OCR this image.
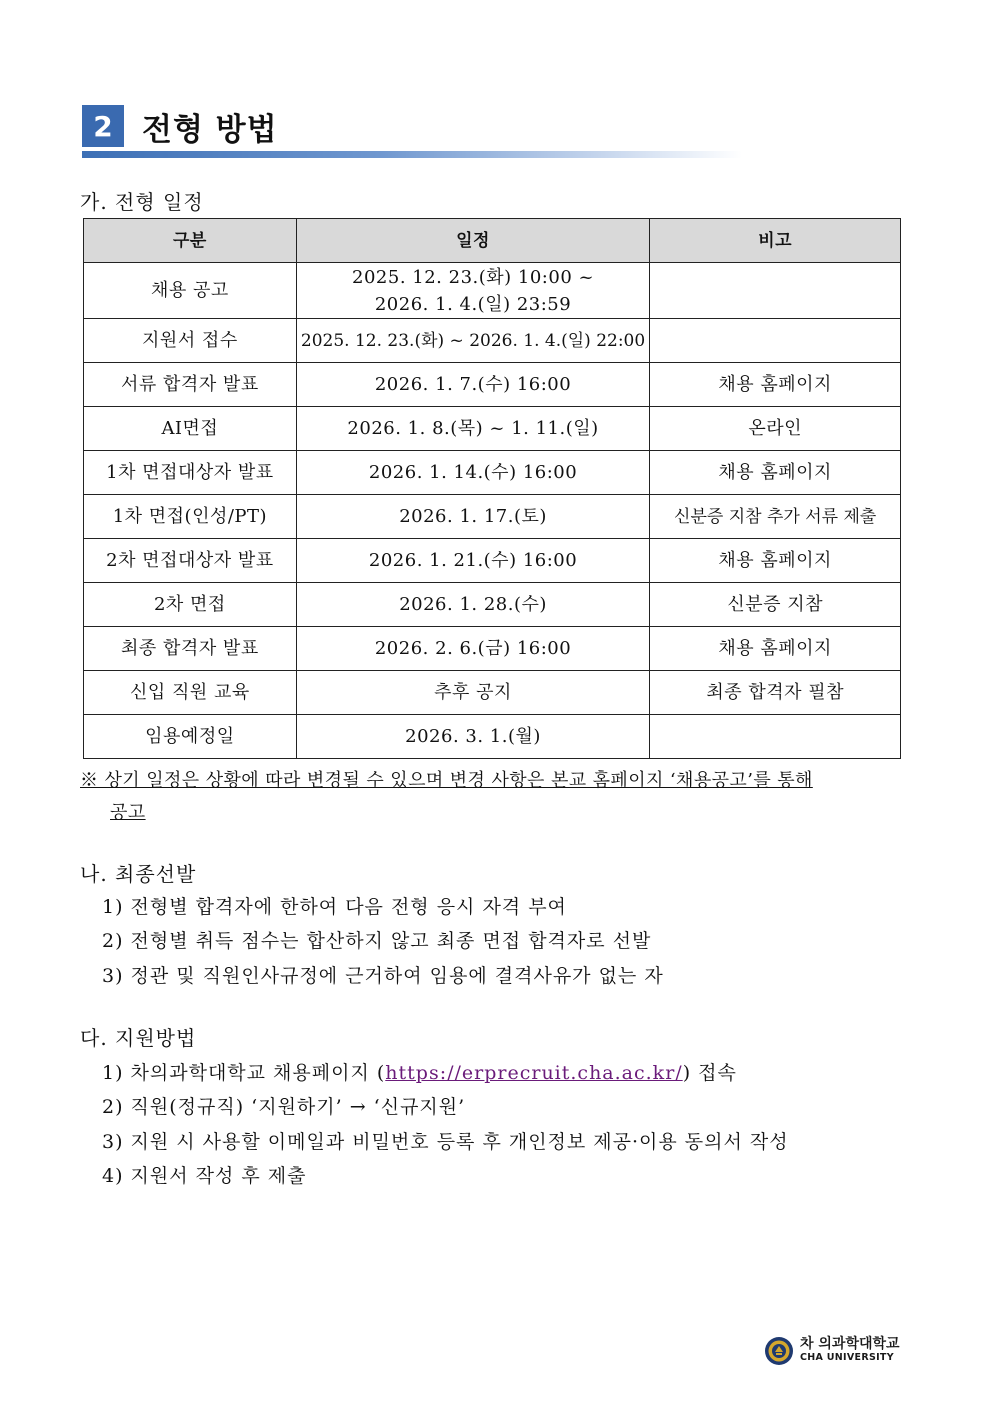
2 전형 방법
가. 전형 일정
구분	일정	비고
채용 공고	2025. 12. 23.(화) 10:00 ~
2026. 1. 4.(일) 23:59	

지원서 접수	2025. 12. 23.(화) ~ 2026. 1. 4.(일) 22:00	
서류 합격자 발표	2026. 1. 7.(수) 16:00	채용 홈페이지
AI면접	2026. 1. 8.(목) ~ 1. 11.(일)	온라인
1차 면접대상자 발표	2026. 1. 14.(수) 16:00	채용 홈페이지
1차 면접(인성/PT)	2026. 1. 17.(토)	신분증 지참 추가 서류 제출
2차 면접대상자 발표	2026. 1. 21.(수) 16:00	채용 홈페이지
2차 면접	2026. 1. 28.(수)	신분증 지참
최종 합격자 발표	2026. 2. 6.(금) 16:00	채용 홈페이지
신입 직원 교육	추후 공지	최종 합격자 필참
임용예정일	2026. 3. 1.(월)	
※ 상기 일정은 상황에 따라 변경될 수 있으며 변경 사항은 본교 홈페이지 ‘채용공고’를 통해
공고
나. 최종선발
1) 전형별 합격자에 한하여 다음 전형 응시 자격 부여
2) 전형별 취득 점수는 합산하지 않고 최종 면접 합격자로 선발
3) 정관 및 직원인사규정에 근거하여 임용에 결격사유가 없는 자
다. 지원방법
1) 차의과학대학교 채용페이지 (https://erprecruit.cha.ac.kr/) 접속
2) 직원(정규직) ‘지원하기’ → ‘신규지원’
3) 지원 시 사용할 이메일과 비밀번호 등록 후 개인정보 제공·이용 동의서 작성
4) 지원서 작성 후 제출
차 의과학대학교
CHA UNIVERSITY
